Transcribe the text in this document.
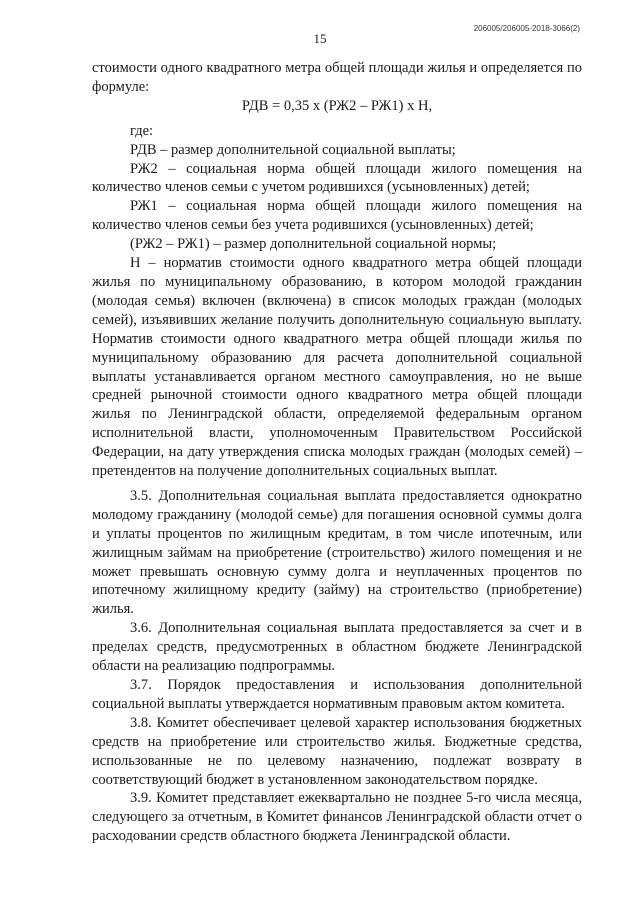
206005/206005-2018-3066(2)
15

стоимости одного квадратного метра общей площади жилья и определяется по формуле:

РДВ = 0,35 х (РЖ2 – РЖ1) х Н,

где:

РДВ – размер дополнительной социальной выплаты;

РЖ2 – социальная норма общей площади жилого помещения на количество членов семьи с учетом родившихся (усыновленных) детей;

РЖ1 – социальная норма общей площади жилого помещения на количество членов семьи без учета родившихся (усыновленных) детей;

(РЖ2 – РЖ1) – размер дополнительной социальной нормы;

Н – норматив стоимости одного квадратного метра общей площади жилья по муниципальному образованию, в котором молодой гражданин (молодая семья) включен (включена) в список молодых граждан (молодых семей), изъявивших желание получить дополнительную социальную выплату. Норматив стоимости одного квадратного метра общей площади жилья по муниципальному образованию для расчета дополнительной социальной выплаты устанавливается органом местного самоуправления, но не выше средней рыночной стоимости одного квадратного метра общей площади жилья по Ленинградской области, определяемой федеральным органом исполнительной власти, уполномоченным Правительством Российской Федерации, на дату утверждения списка молодых граждан (молодых семей) – претендентов на получение дополнительных социальных выплат.

3.5. Дополнительная социальная выплата предоставляется однократно молодому гражданину (молодой семье) для погашения основной суммы долга и уплаты процентов по жилищным кредитам, в том числе ипотечным, или жилищным займам на приобретение (строительство) жилого помещения и не может превышать основную сумму долга и неуплаченных процентов по ипотечному жилищному кредиту (займу) на строительство (приобретение) жилья.

3.6. Дополнительная социальная выплата предоставляется за счет и в пределах средств, предусмотренных в областном бюджете Ленинградской области на реализацию подпрограммы.

3.7. Порядок предоставления и использования дополнительной социальной выплаты утверждается нормативным правовым актом комитета.

3.8. Комитет обеспечивает целевой характер использования бюджетных средств на приобретение или строительство жилья. Бюджетные средства, использованные не по целевому назначению, подлежат возврату в соответствующий бюджет в установленном законодательством порядке.

3.9. Комитет представляет ежеквартально не позднее 5-го числа месяца, следующего за отчетным, в Комитет финансов Ленинградской области отчет о расходовании средств областного бюджета Ленинградской области.
